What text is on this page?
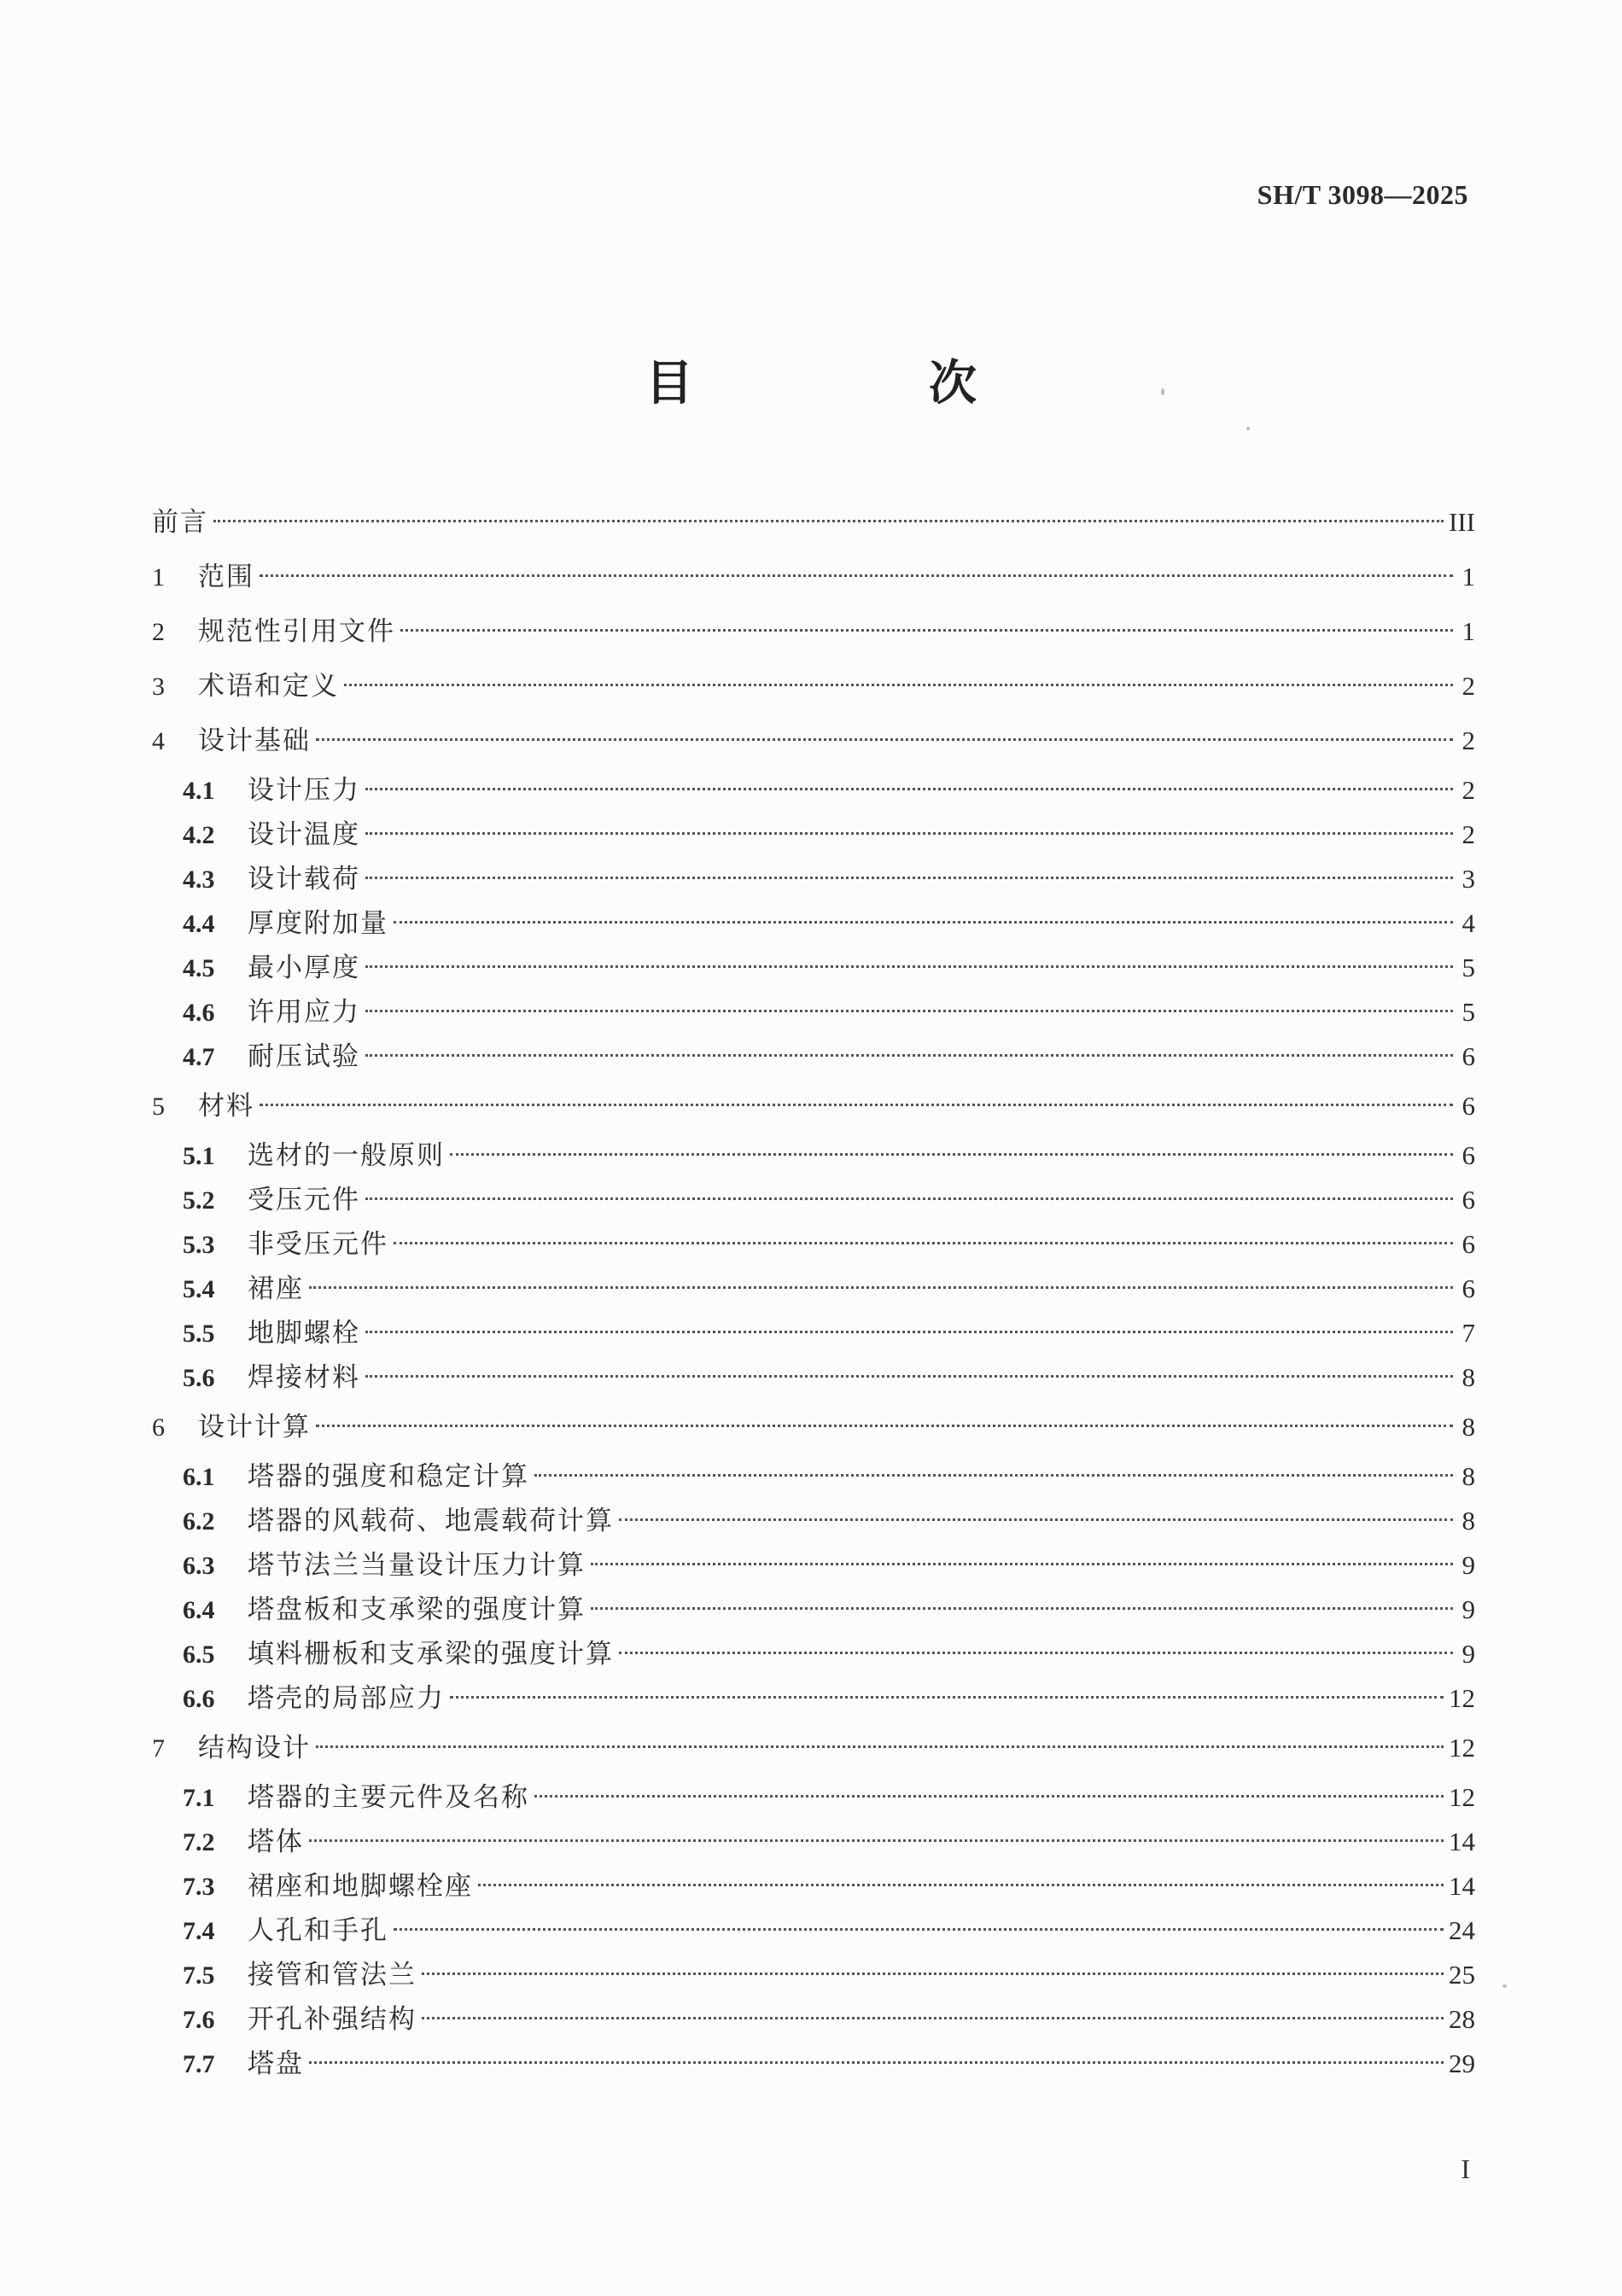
SH/T 3098—2025
目　次
前言	III
1	范围	1
2	规范性引用文件	1
3	术语和定义	2
4	设计基础	2
4.1	设计压力	2
4.2	设计温度	2
4.3	设计载荷	3
4.4	厚度附加量	4
4.5	最小厚度	5
4.6	许用应力	5
4.7	耐压试验	6
5	材料	6
5.1	选材的一般原则	6
5.2	受压元件	6
5.3	非受压元件	6
5.4	裙座	6
5.5	地脚螺栓	7
5.6	焊接材料	8
6	设计计算	8
6.1	塔器的强度和稳定计算	8
6.2	塔器的风载荷、地震载荷计算	8
6.3	塔节法兰当量设计压力计算	9
6.4	塔盘板和支承梁的强度计算	9
6.5	填料栅板和支承梁的强度计算	9
6.6	塔壳的局部应力	12
7	结构设计	12
7.1	塔器的主要元件及名称	12
7.2	塔体	14
7.3	裙座和地脚螺栓座	14
7.4	人孔和手孔	24
7.5	接管和管法兰	25
7.6	开孔补强结构	28
7.7	塔盘	29
I
